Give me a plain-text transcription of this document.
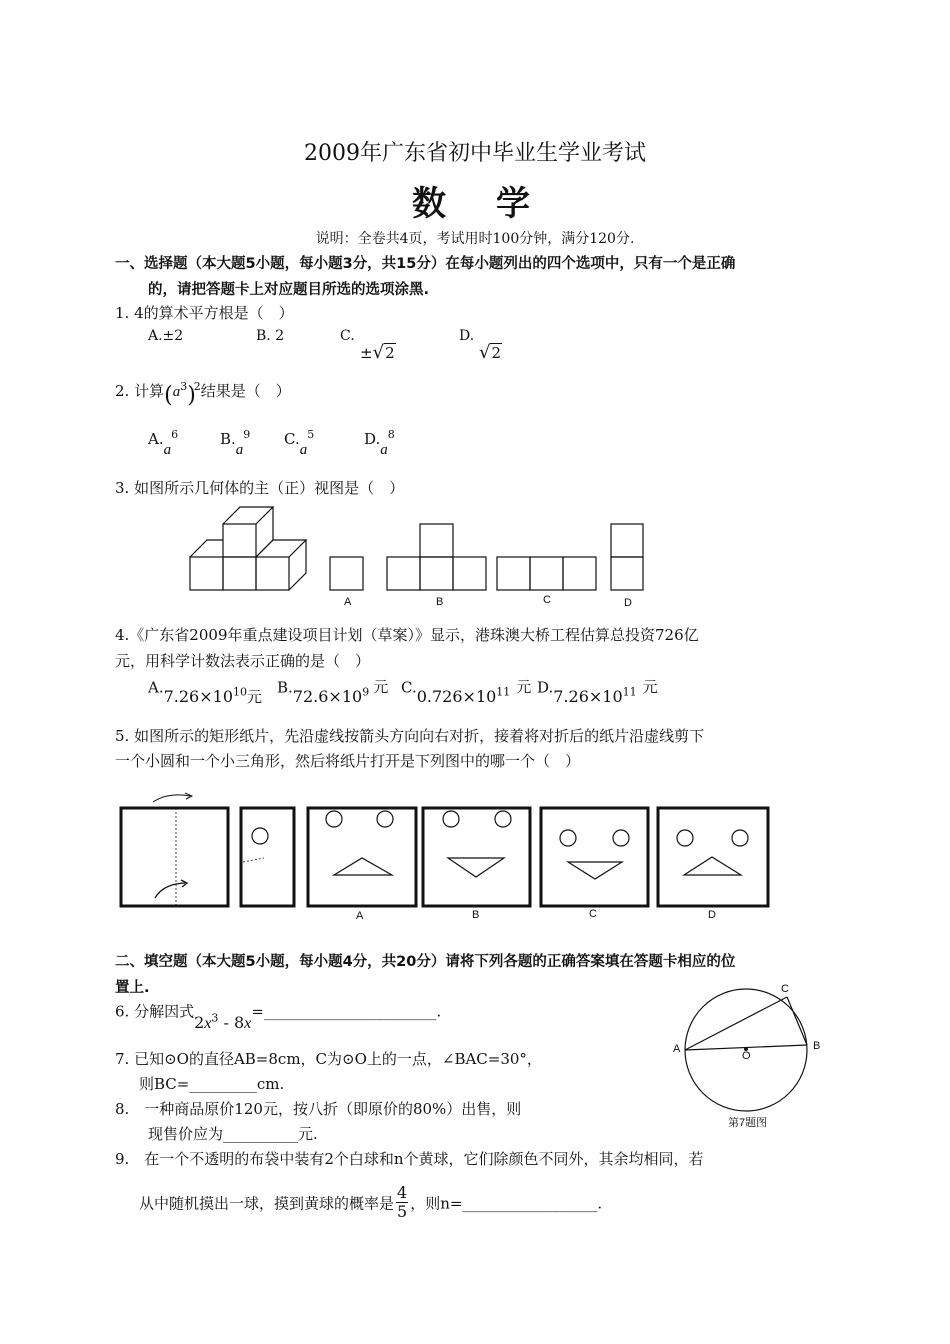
2009年广东省初中毕业生学业考试
数　学
说明：全卷共4页，考试用时100分钟，满分120分.
一、选择题（本大题5小题，每小题3分，共15分）在每小题列出的四个选项中，只有一个是正确
的，请把答题卡上对应题目所选的选项涂黑.
1. 4的算术平方根是（　）
A.±2	B. 2	C.
±√2
D.
√2
2. 计算$(a^3)^2$结果是（　）
$A.a^6$	$B.a^9$ $C.a^5$	$D.a^8$
3. 如图所示几何体的主（正）视图是（　）
A	B	C	D
4.《广东省2009年重点建设项目计划（草案）》显示，港珠澳大桥工程估算总投资726亿
元，用科学计数法表示正确的是（　）
$A.7.26\times 10^{10}$元
$B.72.6\times 10^9$ 元 $C.0.726\times 10^{11}$ 元 $D.7.26\times 10^{11}$ 元
5. 如图所示的矩形纸片，先沿虚线按箭头方向向右对折，接着将对折后的纸片沿虚线剪下
一个小圆和一个小三角形，然后将纸片打开是下列图中的哪一个（　）
A	B	C	D
二、填空题（本大题5小题，每小题4分，共20分）请将下列各题的正确答案填在答题卡相应的位
置上.
6. 分解因式$2x^3$ - 8x=_______________________.
7. 已知⊙O的直径AB=8cm，C为⊙O上的一点，∠BAC=30°，
则BC=_________cm.
A	B
C
O
第7题图
8.　一种商品原价120元，按八折（即原价的80%）出售，则
现售价应为__________元.
9.　在一个不透明的布袋中装有2个白球和n个黄球，它们除颜色不同外，其余均相同，若
从中随机摸出一球，摸到黄球的概率是 $\frac{4}{5}$ ，则n=__________________.
